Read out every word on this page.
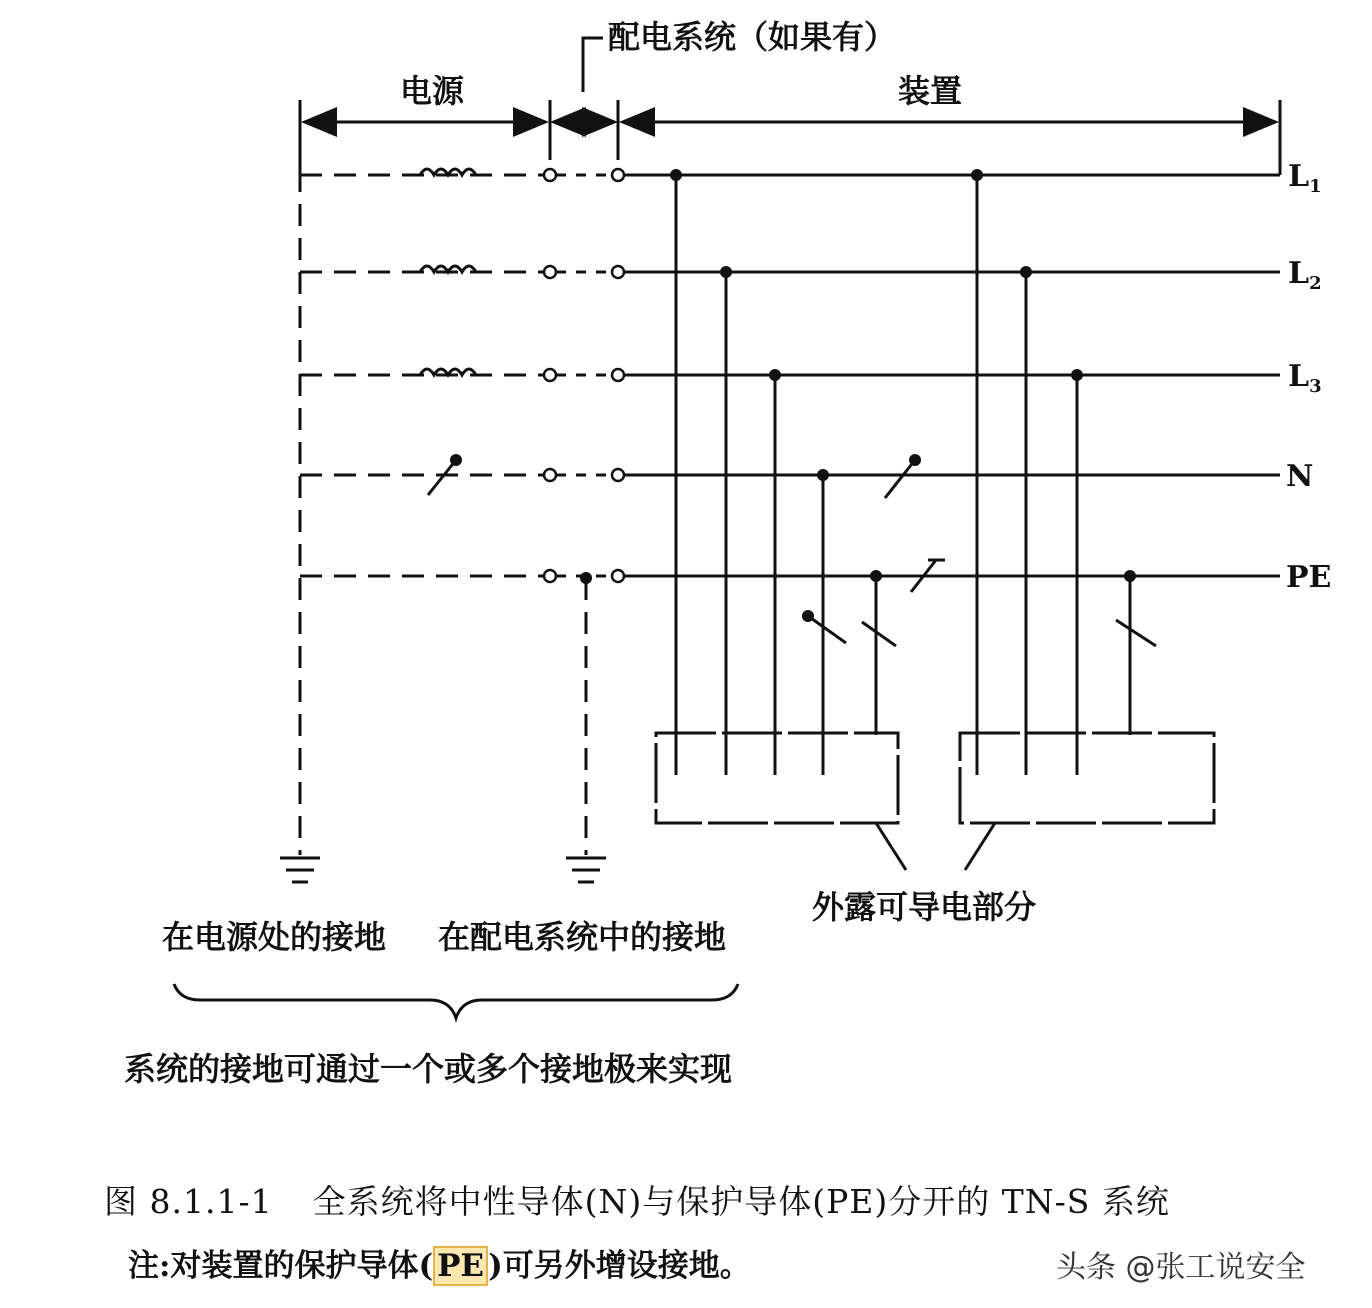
配电系统（如果有）
电源	装置
$L_1$
$L_2$
$L_3$
N
PE
外露可导电部分
在电源处的接地 在配电系统中的接地
系统的接地可通过一个或多个接地极来实现
图 8.1.1-1 全系统将中性导体(N)与保护导体(PE)分开的 TN-S 系统
注:对装置的保护导体( PE )可另外增设接地。	头条 @张工说安全
